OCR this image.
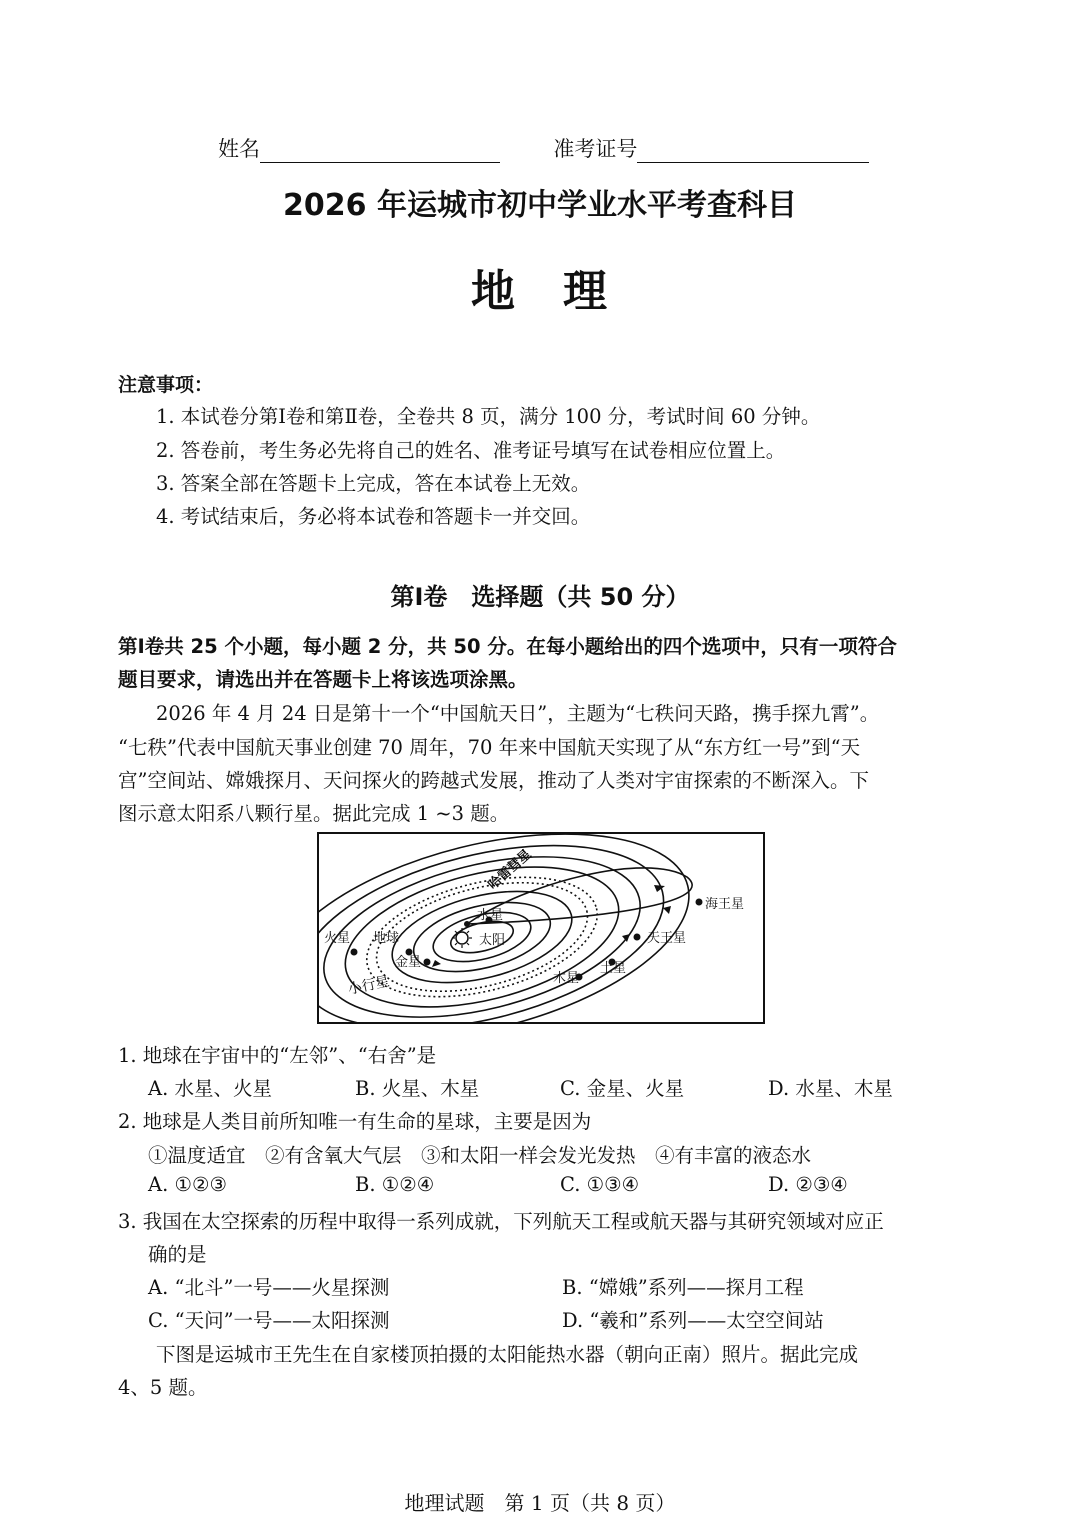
姓名	准考证号
2026 年运城市初中学业水平考查科目
地　理
注意事项：
1. 本试卷分第Ⅰ卷和第Ⅱ卷，全卷共 8 页，满分 100 分，考试时间 60 分钟。
2. 答卷前，考生务必先将自己的姓名、准考证号填写在试卷相应位置上。
3. 答案全部在答题卡上完成，答在本试卷上无效。
4. 考试结束后，务必将本试卷和答题卡一并交回。
第Ⅰ卷　选择题（共 50 分）
第Ⅰ卷共 25 个小题，每小题 2 分，共 50 分。在每小题给出的四个选项中，只有一项符合
题目要求，请选出并在答题卡上将该选项涂黑。
2026 年 4 月 24 日是第十一个“中国航天日”，主题为“七秩问天路，携手探九霄”。
“七秩”代表中国航天事业创建 70 周年，70 年来中国航天实现了从“东方红一号”到“天
宫”空间站、嫦娥探月、天问探火的跨越式发展，推动了人类对宇宙探索的不断深入。下
图示意太阳系八颗行星。据此完成 1 ~3 题。
水星
太阳
金星
地球
火星
小行星	木星
土星
天王星
海王星
哈雷彗星
1. 地球在宇宙中的“左邻”、“右舍”是
A. 水星、火星	B. 火星、木星	C. 金星、火星	D. 水星、木星
2. 地球是人类目前所知唯一有生命的星球，主要是因为
①温度适宜　②有含氧大气层　③和太阳一样会发光发热　④有丰富的液态水
A. ①②③	B. ①②④	C. ①③④	D. ②③④
3. 我国在太空探索的历程中取得一系列成就，下列航天工程或航天器与其研究领域对应正
确的是
A. “北斗”一号——火星探测	B. “嫦娥”系列——探月工程
C. “天问”一号——太阳探测	D. “羲和”系列——太空空间站
下图是运城市王先生在自家楼顶拍摄的太阳能热水器（朝向正南）照片。据此完成
4、5 题。
地理试题　第 1 页（共 8 页）
